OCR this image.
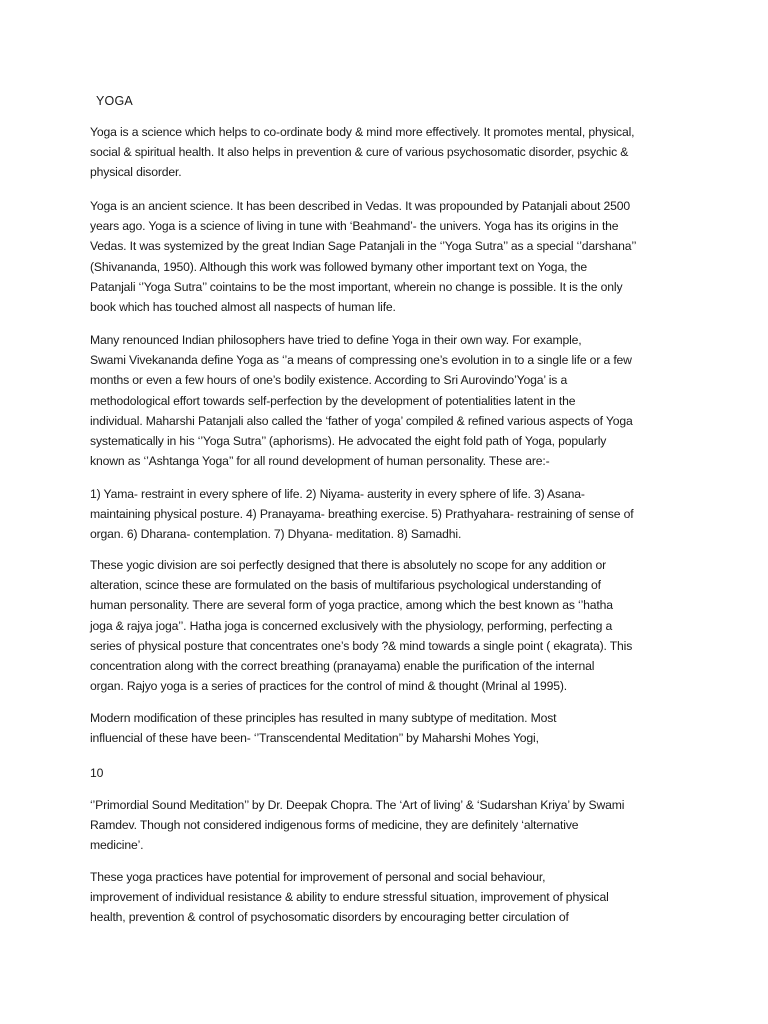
YOGA

Yoga is a science which helps to co-ordinate body & mind more effectively. It promotes mental, physical,
social & spiritual health. It also helps in prevention & cure of various psychosomatic disorder, psychic &
physical disorder.

Yoga is an ancient science. It has been described in Vedas. It was propounded by Patanjali about 2500
years ago. Yoga is a science of living in tune with ‘Beahmand’- the univers. Yoga has its origins in the
Vedas. It was systemized by the great Indian Sage Patanjali in the ‘’Yoga Sutra’’ as a special ‘’darshana’’
(Shivananda, 1950). Although this work was followed bymany other important text on Yoga, the
Patanjali ‘’Yoga Sutra’’ cointains to be the most important, wherein no change is possible. It is the only
book which has touched almost all naspects of human life.

Many renounced Indian philosophers have tried to define Yoga in their own way. For example,
Swami Vivekananda define Yoga as ‘’a means of compressing one’s evolution in to a single life or a few
months or even a few hours of one’s bodily existence. According to Sri Aurovindo’Yoga’ is a
methodological effort towards self-perfection by the development of potentialities latent in the
individual. Maharshi Patanjali also called the ‘father of yoga’ compiled & refined various aspects of Yoga
systematically in his ‘’Yoga Sutra’’ (aphorisms). He advocated the eight fold path of Yoga, popularly
known as ‘’Ashtanga Yoga’’ for all round development of human personality. These are:-

1) Yama- restraint in every sphere of life. 2) Niyama- austerity in every sphere of life. 3) Asana-
maintaining physical posture. 4) Pranayama- breathing exercise. 5) Prathyahara- restraining of sense of
organ. 6) Dharana- contemplation. 7) Dhyana- meditation. 8) Samadhi.

These yogic division are soi perfectly designed that there is absolutely no scope for any addition or
alteration, scince these are formulated on the basis of multifarious psychological understanding of
human personality. There are several form of yoga practice, among which the best known as ‘’hatha
joga & rajya joga’’. Hatha joga is concerned exclusively with the physiology, performing, perfecting a
series of physical posture that concentrates one’s body ?& mind towards a single point ( ekagrata). This
concentration along with the correct breathing (pranayama) enable the purification of the internal
organ. Rajyo yoga is a series of practices for the control of mind & thought (Mrinal al 1995).

Modern modification of these principles has resulted in many subtype of meditation. Most
influencial of these have been- ‘’Transcendental Meditation’’ by Maharshi Mohes Yogi,

10

‘’Primordial Sound Meditation’’ by Dr. Deepak Chopra. The ‘Art of living’ & ‘Sudarshan Kriya’ by Swami
Ramdev. Though not considered indigenous forms of medicine, they are definitely ‘alternative
medicine’.

These yoga practices have potential for improvement of personal and social behaviour,
improvement of individual resistance & ability to endure stressful situation, improvement of physical
health, prevention & control of psychosomatic disorders by encouraging better circulation of
